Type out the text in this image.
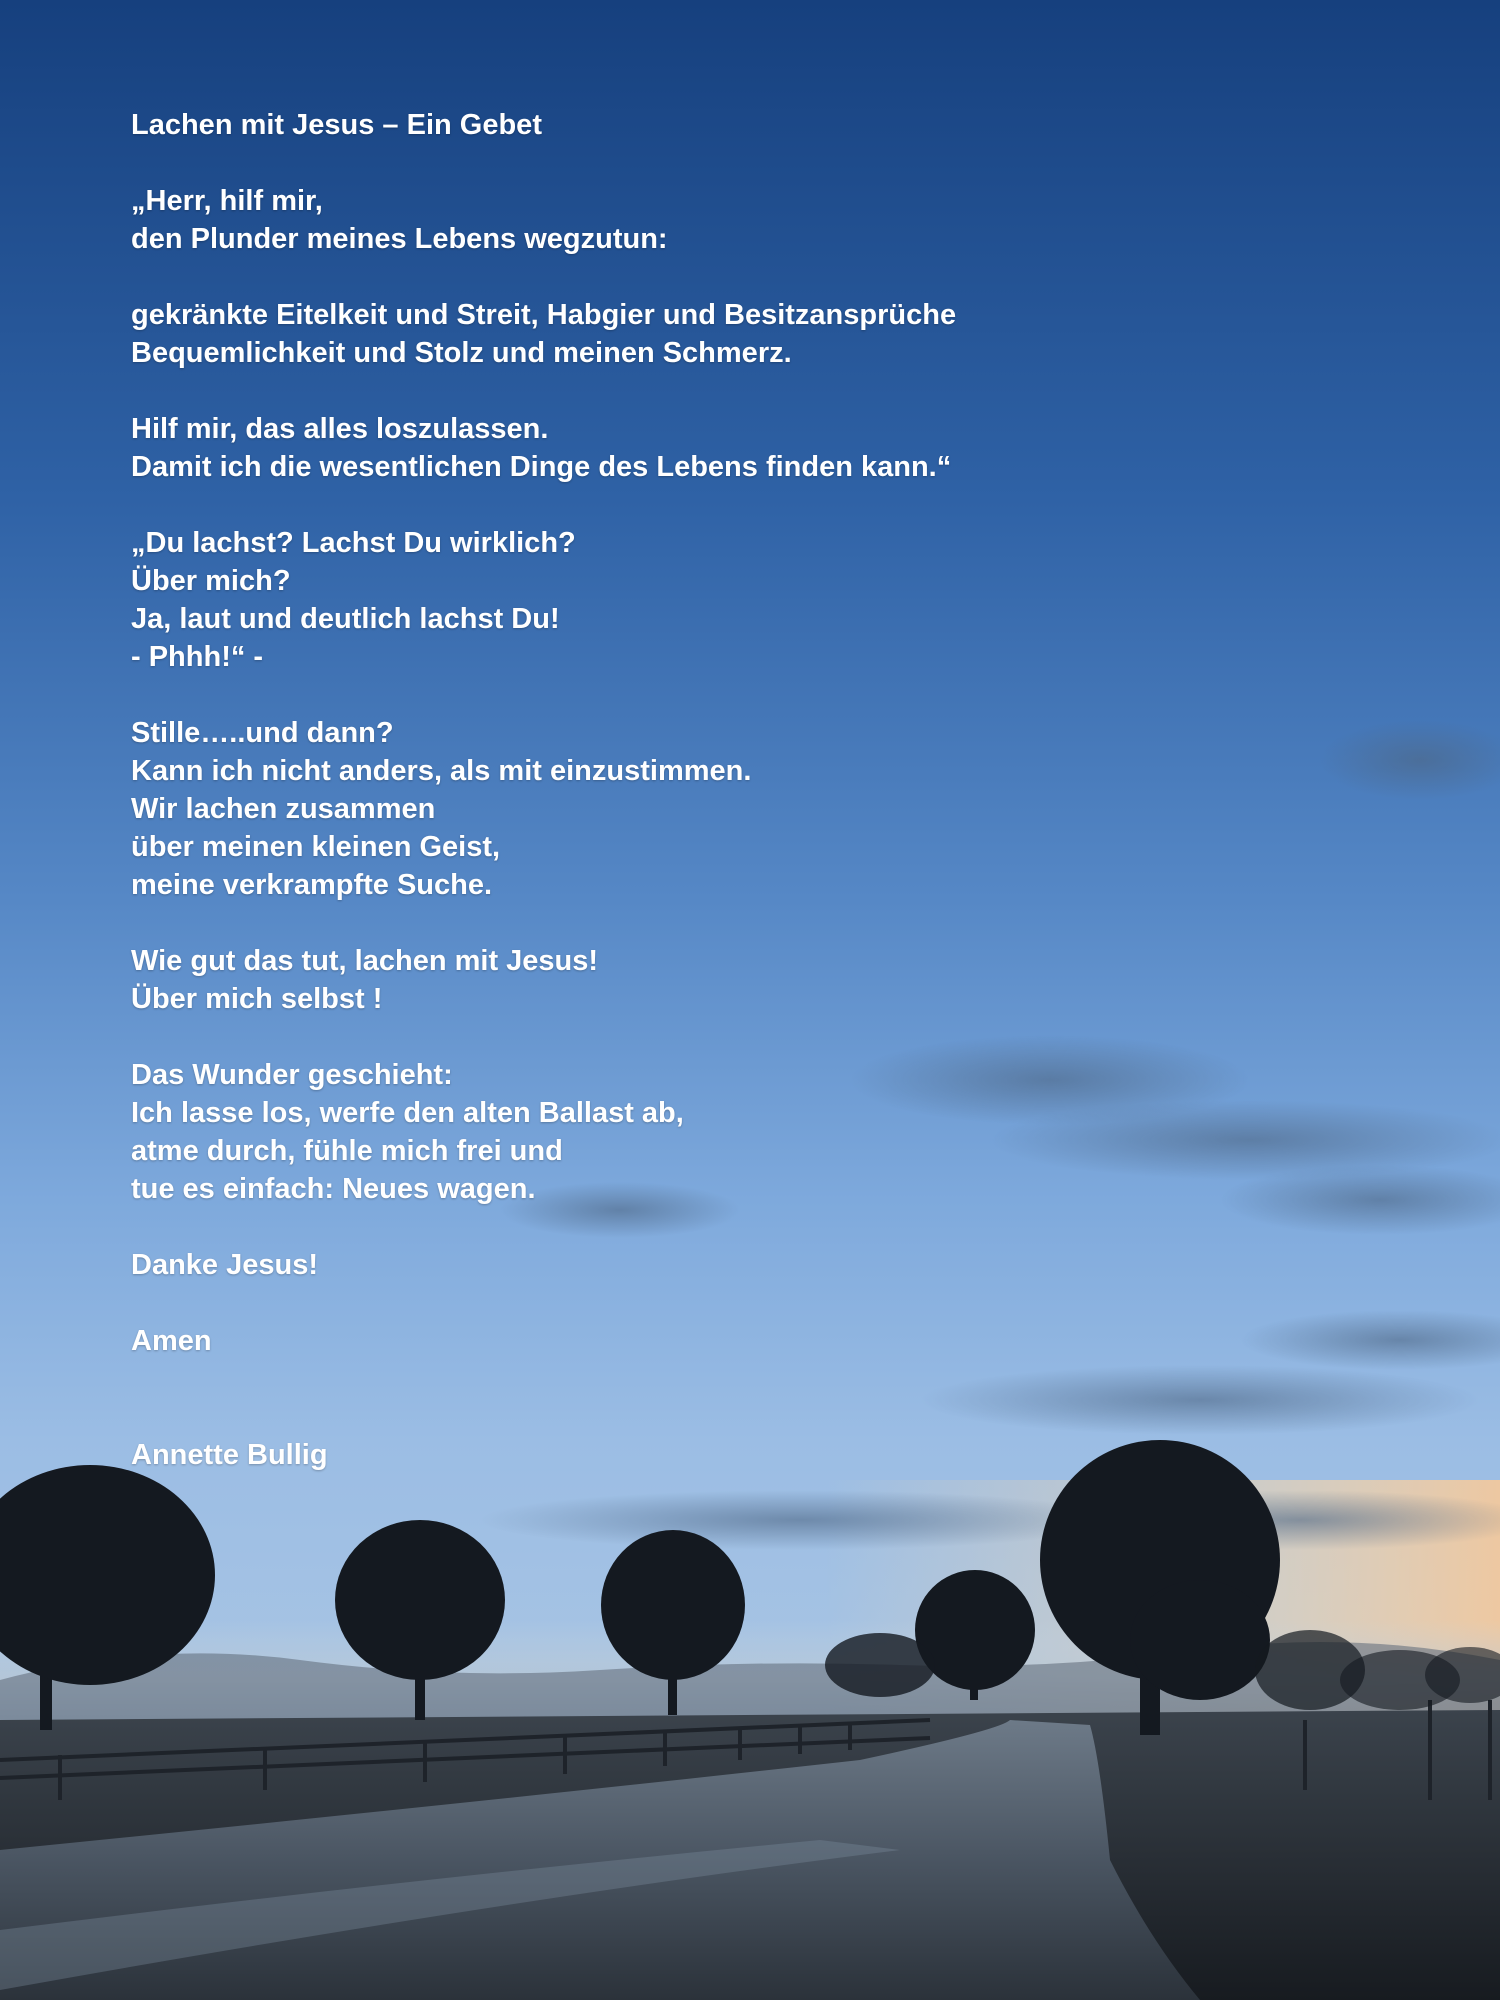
Lachen mit Jesus – Ein Gebet
„Herr, hilf mir,
den Plunder meines Lebens wegzutun:
gekränkte Eitelkeit und Streit, Habgier und Besitzansprüche
Bequemlichkeit und Stolz und meinen Schmerz.
Hilf mir, das alles loszulassen.
Damit ich die wesentlichen Dinge des Lebens finden kann.“
„Du lachst? Lachst Du wirklich?
Über mich?
Ja, laut und deutlich lachst Du!
- Phhh!“ -
Stille…..und dann?
Kann ich nicht anders, als mit einzustimmen.
Wir lachen zusammen
über meinen kleinen Geist,
meine verkrampfte Suche.
Wie gut das tut, lachen mit Jesus!
Über mich selbst !
Das Wunder geschieht:
Ich lasse los, werfe den alten Ballast ab,
atme durch, fühle mich frei und
tue es einfach: Neues wagen.
Danke Jesus!
Amen
Annette Bullig
